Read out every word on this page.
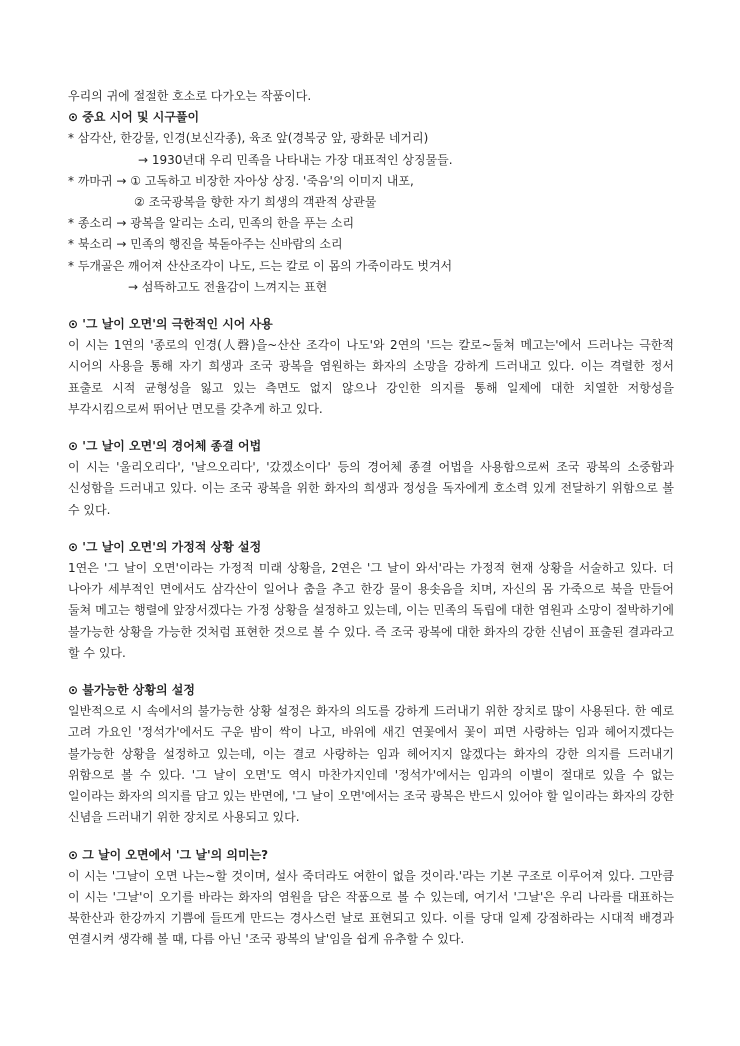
우리의 귀에 절절한 호소로 다가오는 작품이다.
⊙ 중요 시어 및 시구풀이
* 삼각산, 한강물, 인경(보신각종), 육조 앞(경복궁 앞, 광화문 네거리)
→ 1930년대 우리 민족을 나타내는 가장 대표적인 상징물들.
* 까마귀 → ① 고독하고 비장한 자아상 상징. '죽음'의 이미지 내포,
② 조국광복을 향한 자기 희생의 객관적 상관물
* 종소리 → 광복을 알리는 소리, 민족의 한을 푸는 소리
* 북소리 → 민족의 행진을 북돋아주는 신바람의 소리
* 두개골은 깨어져 산산조각이 나도, 드는 칼로 이 몸의 가죽이라도 벗겨서
→ 섬뜩하고도 전율감이 느껴지는 표현
⊙ '그 날이 오면'의 극한적인 시어 사용
이 시는 1연의 '종로의 인경(人磬)을~산산 조각이 나도'와 2연의 '드는 칼로~둘쳐 메고는'에서 드러나는 극한적 시어의 사용을 통해 자기 희생과 조국 광복을 염원하는 화자의 소망을 강하게 드러내고 있다. 이는 격렬한 정서 표출로 시적 균형성을 잃고 있는 측면도 없지 않으나 강인한 의지를 통해 일제에 대한 치열한 저항성을 부각시킴으로써 뛰어난 면모를 갖추게 하고 있다.
⊙ '그 날이 오면'의 경어체 종결 어법
이 시는 '울리오리다', '날으오리다', '갔겠소이다' 등의 경어체 종결 어법을 사용함으로써 조국 광복의 소중함과 신성함을 드러내고 있다. 이는 조국 광복을 위한 화자의 희생과 정성을 독자에게 호소력 있게 전달하기 위함으로 볼 수 있다.
⊙ '그 날이 오면'의 가정적 상황 설정
1연은 '그 날이 오면'이라는 가정적 미래 상황을, 2연은 '그 날이 와서'라는 가정적 현재 상황을 서술하고 있다. 더 나아가 세부적인 면에서도 삼각산이 일어나 춤을 추고 한강 물이 용솟음을 치며, 자신의 몸 가죽으로 북을 만들어 둘쳐 메고는 행렬에 앞장서겠다는 가정 상황을 설정하고 있는데, 이는 민족의 독립에 대한 염원과 소망이 절박하기에 불가능한 상황을 가능한 것처럼 표현한 것으로 볼 수 있다. 즉 조국 광복에 대한 화자의 강한 신념이 표출된 결과라고 할 수 있다.
⊙ 불가능한 상황의 설정
일반적으로 시 속에서의 불가능한 상황 설정은 화자의 의도를 강하게 드러내기 위한 장치로 많이 사용된다. 한 예로 고려 가요인 '정석가'에서도 구운 밤이 싹이 나고, 바위에 새긴 연꽃에서 꽃이 피면 사랑하는 임과 헤어지겠다는 불가능한 상황을 설정하고 있는데, 이는 결코 사랑하는 임과 헤어지지 않겠다는 화자의 강한 의지를 드러내기 위함으로 볼 수 있다. '그 날이 오면'도 역시 마찬가지인데 '정석가'에서는 임과의 이별이 절대로 있을 수 없는 일이라는 화자의 의지를 담고 있는 반면에, '그 날이 오면'에서는 조국 광복은 반드시 있어야 할 일이라는 화자의 강한 신념을 드러내기 위한 장치로 사용되고 있다.
⊙ 그 날이 오면에서 '그 날'의 의미는?
이 시는 '그날이 오면 나는~할 것이며, 설사 죽더라도 여한이 없을 것이라.'라는 기본 구조로 이루어져 있다. 그만큼 이 시는 '그날'이 오기를 바라는 화자의 염원을 담은 작품으로 볼 수 있는데, 여기서 '그날'은 우리 나라를 대표하는 북한산과 한강까지 기쁨에 들뜨게 만드는 경사스런 날로 표현되고 있다. 이를 당대 일제 강점하라는 시대적 배경과 연결시켜 생각해 볼 때, 다름 아닌 '조국 광복의 날'임을 쉽게 유추할 수 있다.
